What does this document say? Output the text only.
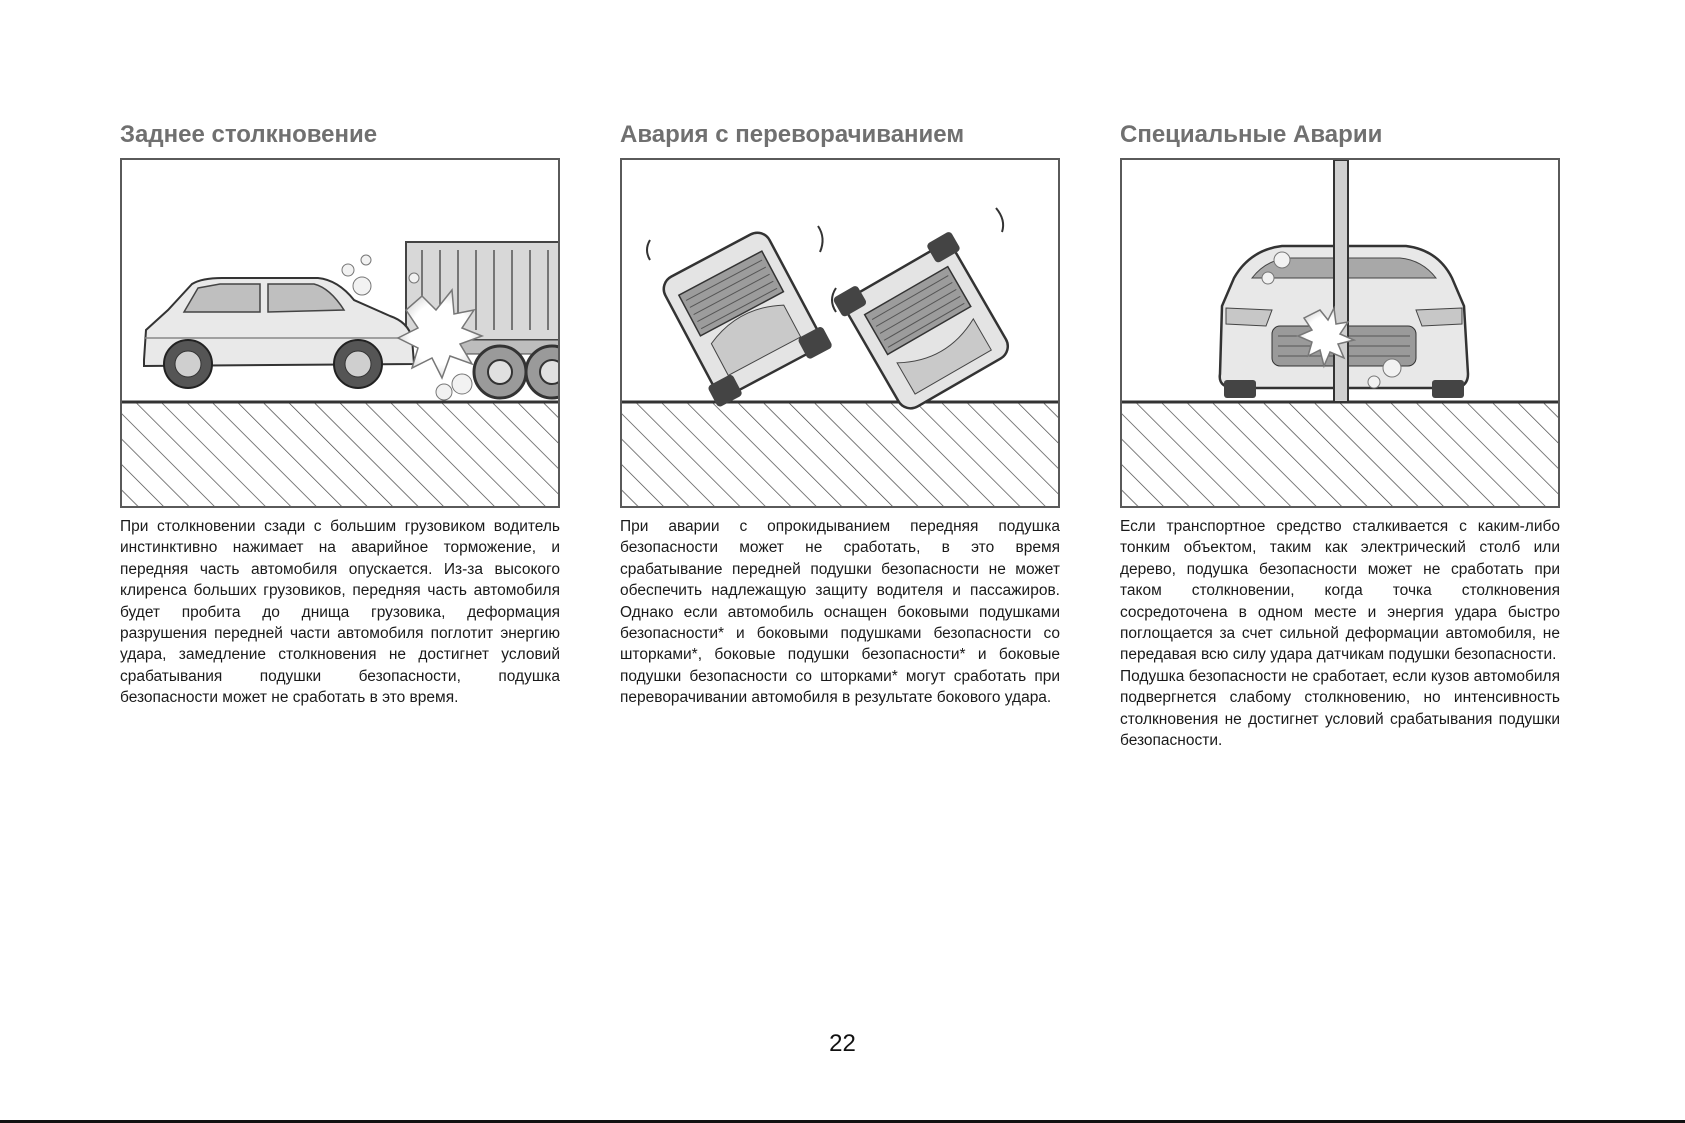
Заднее столкновение

При столкновении сзади с большим грузовиком водитель инстинктивно нажимает на аварийное торможение, и передняя часть автомобиля опускается. Из-за высокого клиренса больших грузовиков, передняя часть автомобиля будет пробита до днища грузовика, деформация разрушения передней части автомобиля поглотит энергию удара, замедление столкновения не достигнет условий срабатывания подушки безопасности, подушка безопасности может не сработать в это время.

Авария с переворачиванием

При аварии с опрокидыванием передняя подушка безопасности может не сработать, в это время срабатывание передней подушки безопасности не может обеспечить надлежащую защиту водителя и пассажиров. Однако если автомобиль оснащен боковыми подушками безопасности* и боковыми подушками безопасности со шторками*, боковые подушки безопасности* и боковые подушки безопасности со шторками* могут сработать при переворачивании автомобиля в результате бокового удара.

Специальные Аварии

Если транспортное средство сталкивается с каким-либо тонким объектом, таким как электрический столб или дерево, подушка безопасности может не сработать при таком столкновении, когда точка столкновения сосредоточена в одном месте и энергия удара быстро поглощается за счет сильной деформации автомобиля, не передавая всю силу удара датчикам подушки безопасности.

Подушка безопасности не сработает, если кузов автомобиля подвергнется слабому столкновению, но интенсивность столкновения не достигнет условий срабатывания подушки безопасности.

22
